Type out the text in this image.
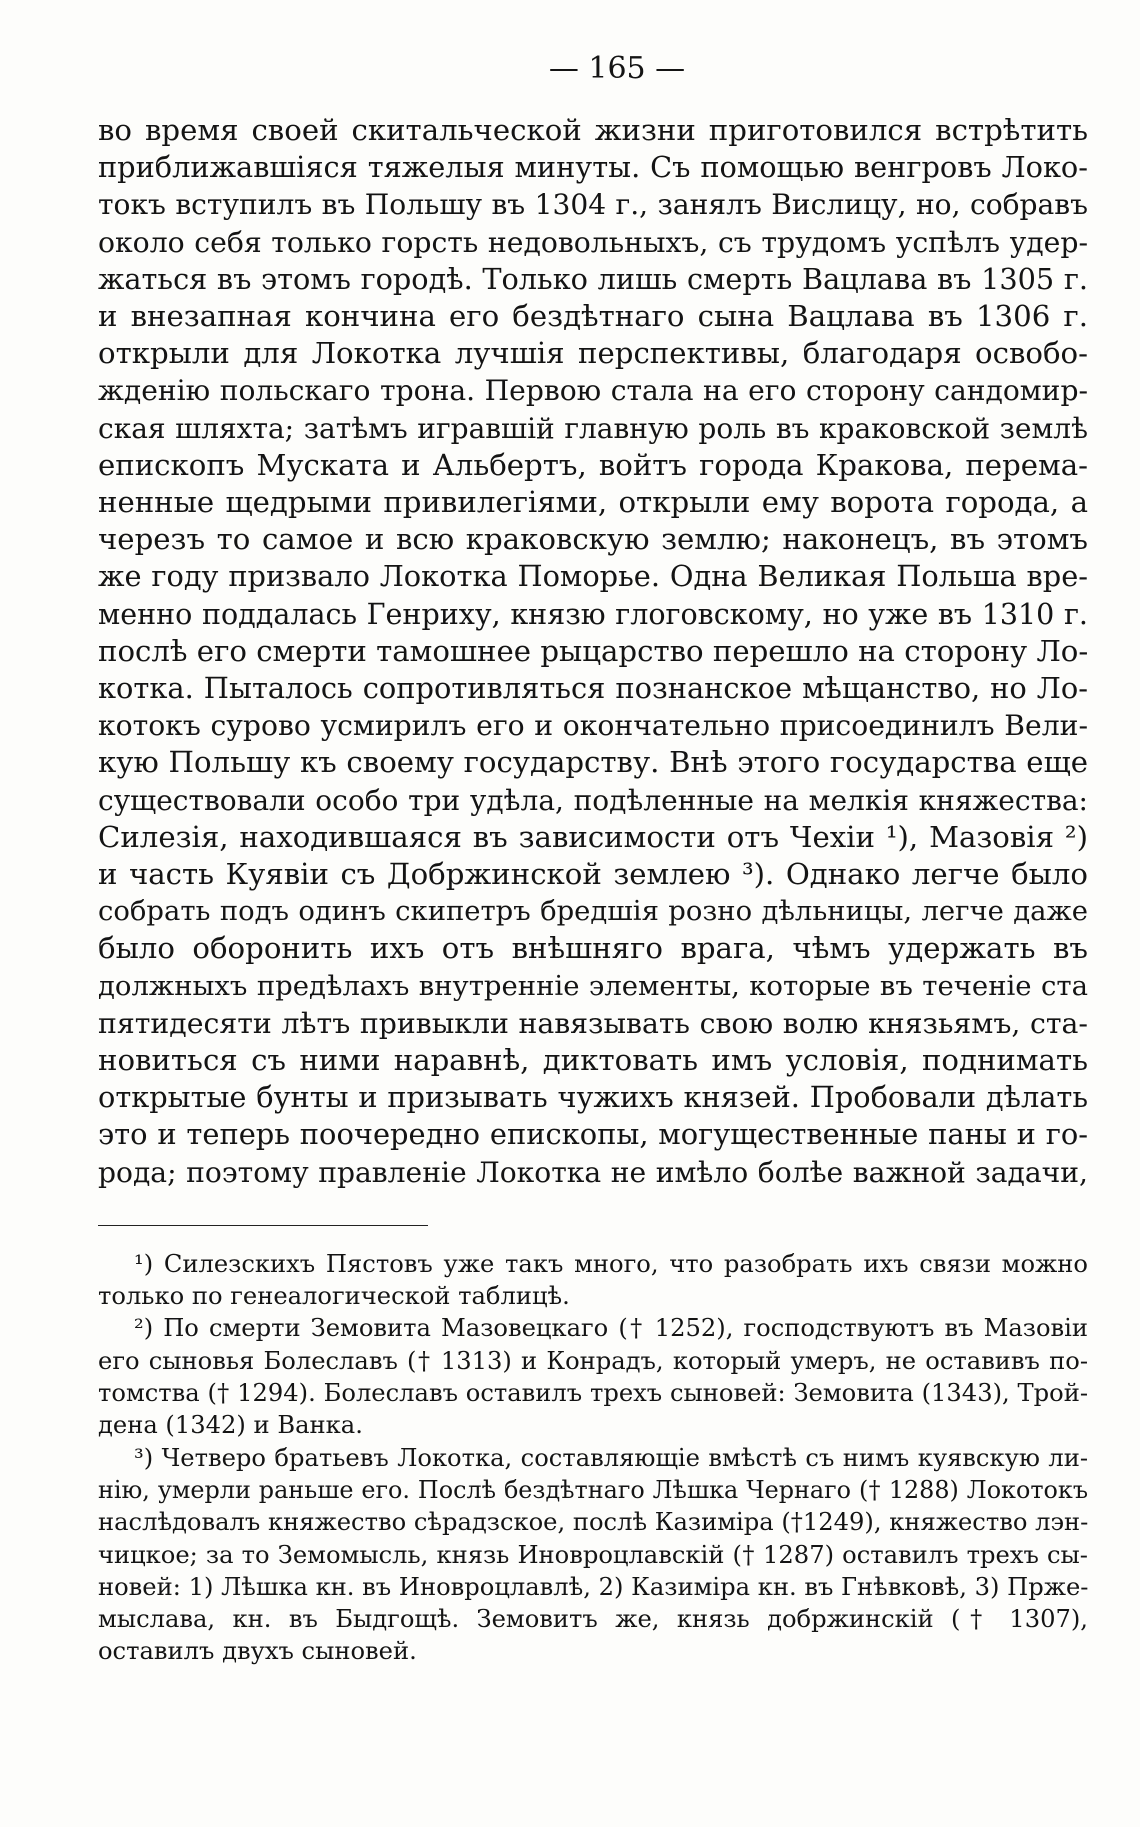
— 165 —
во время своей скитальческой жизни приготовился встрѣтить
приближавшіяся тяжелыя минуты. Съ помощью венгровъ Локо-
токъ вступилъ въ Польшу въ 1304 г., занялъ Вислицу, но, собравъ
около себя только горсть недовольныхъ, съ трудомъ успѣлъ удер-
жаться въ этомъ городѣ. Только лишь смерть Вацлава въ 1305 г.
и внезапная кончина его бездѣтнаго сына Вацлава въ 1306 г.
открыли для Локотка лучшія перспективы, благодаря освобо-
жденію польскаго трона. Первою стала на его сторону сандомир-
ская шляхта; затѣмъ игравшій главную роль въ краковской землѣ
епископъ Муската и Альбертъ, войтъ города Кракова, перема-
ненные щедрыми привилегіями, открыли ему ворота города, а
черезъ то самое и всю краковскую землю; наконецъ, въ этомъ
же году призвало Локотка Поморье. Одна Великая Польша вре-
менно поддалась Генриху, князю глоговскому, но уже въ 1310 г.
послѣ его смерти тамошнее рыцарство перешло на сторону Ло-
котка. Пыталось сопротивляться познанское мѣщанство, но Ло-
котокъ сурово усмирилъ его и окончательно присоединилъ Вели-
кую Польшу къ своему государству. Внѣ этого государства еще
существовали особо три удѣла, подѣленные на мелкія княжества:
Силезія, находившаяся въ зависимости отъ Чехіи ¹), Мазовія ²)
и часть Куявіи съ Добржинской землею ³). Однако легче было
собрать подъ одинъ скипетръ бредшія розно дѣльницы, легче даже
было оборонить ихъ отъ внѣшняго врага, чѣмъ удержать въ
должныхъ предѣлахъ внутренніе элементы, которые въ теченіе ста
пятидесяти лѣтъ привыкли навязывать свою волю князьямъ, ста-
новиться съ ними наравнѣ, диктовать имъ условія, поднимать
открытые бунты и призывать чужихъ князей. Пробовали дѣлать
это и теперь поочередно епископы, могущественные паны и го-
рода; поэтому правленіе Локотка не имѣло болѣе важной задачи,
¹) Силезскихъ Пястовъ уже такъ много, что разобрать ихъ связи можно
только по генеалогической таблицѣ.
²) По смерти Земовита Мазовецкаго († 1252), господствуютъ въ Мазовіи
его сыновья Болеславъ († 1313) и Конрадъ, который умеръ, не оставивъ по-
томства († 1294). Болеславъ оставилъ трехъ сыновей: Земовита (1343), Трой-
дена (1342) и Ванка.
³) Четверо братьевъ Локотка, составляющіе вмѣстѣ съ нимъ куявскую ли-
нію, умерли раньше его. Послѣ бездѣтнаго Лѣшка Чернаго († 1288) Локотокъ
наслѣдовалъ княжество сѣрадзское, послѣ Казиміра (†1249), княжество лэн-
чицкое; за то Земомысль, князь Иноврoцлавскій († 1287) оставилъ трехъ сы-
новей: 1) Лѣшка кн. въ Иновроцлавлѣ, 2) Казиміра кн. въ Гнѣвковѣ, 3) Прже-
мыслава, кн. въ Быдгощѣ. Земовитъ же, князь добржинскій († 1307),
оставилъ двухъ сыновей.
